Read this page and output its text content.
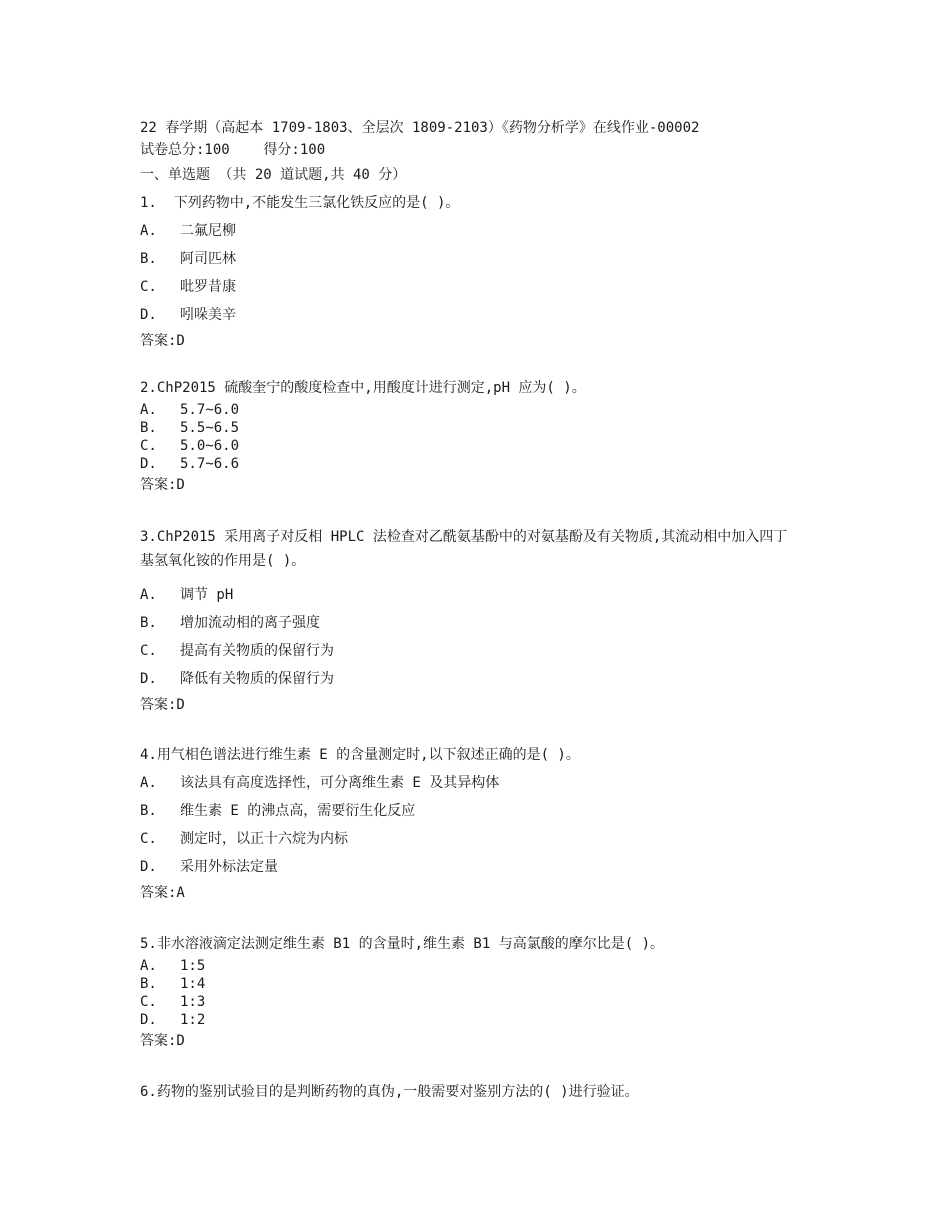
22 春学期（高起本 1709-1803、全层次 1809-2103）《药物分析学》在线作业-00002
试卷总分:100    得分:100
一、单选题 （共 20 道试题,共 40 分）
1.  下列药物中,不能发生三氯化铁反应的是( )。
A.	二氟尼柳
B.	阿司匹林
C.	吡罗昔康
D.	吲哚美辛
答案:D
2.ChP2015 硫酸奎宁的酸度检查中,用酸度计进行测定,pH 应为( )。
A.	5.7~6.0
B.	5.5~6.5
C.	5.0~6.0
D.	5.7~6.6
答案:D
3.ChP2015 采用离子对反相 HPLC 法检查对乙酰氨基酚中的对氨基酚及有关物质,其流动相中加入四丁基氢氧化铵的作用是( )。
A.	调节 pH
B.	增加流动相的离子强度
C.	提高有关物质的保留行为
D.	降低有关物质的保留行为
答案:D
4.用气相色谱法进行维生素 E 的含量测定时,以下叙述正确的是( )。
A.	该法具有高度选择性，可分离维生素 E 及其异构体
B.	维生素 E 的沸点高，需要衍生化反应
C.	测定时，以正十六烷为内标
D.	采用外标法定量
答案:A
5.非水溶液滴定法测定维生素 B1 的含量时,维生素 B1 与高氯酸的摩尔比是( )。
A.	1:5
B.	1:4
C.	1:3
D.	1:2
答案:D
6.药物的鉴别试验目的是判断药物的真伪,一般需要对鉴别方法的( )进行验证。
